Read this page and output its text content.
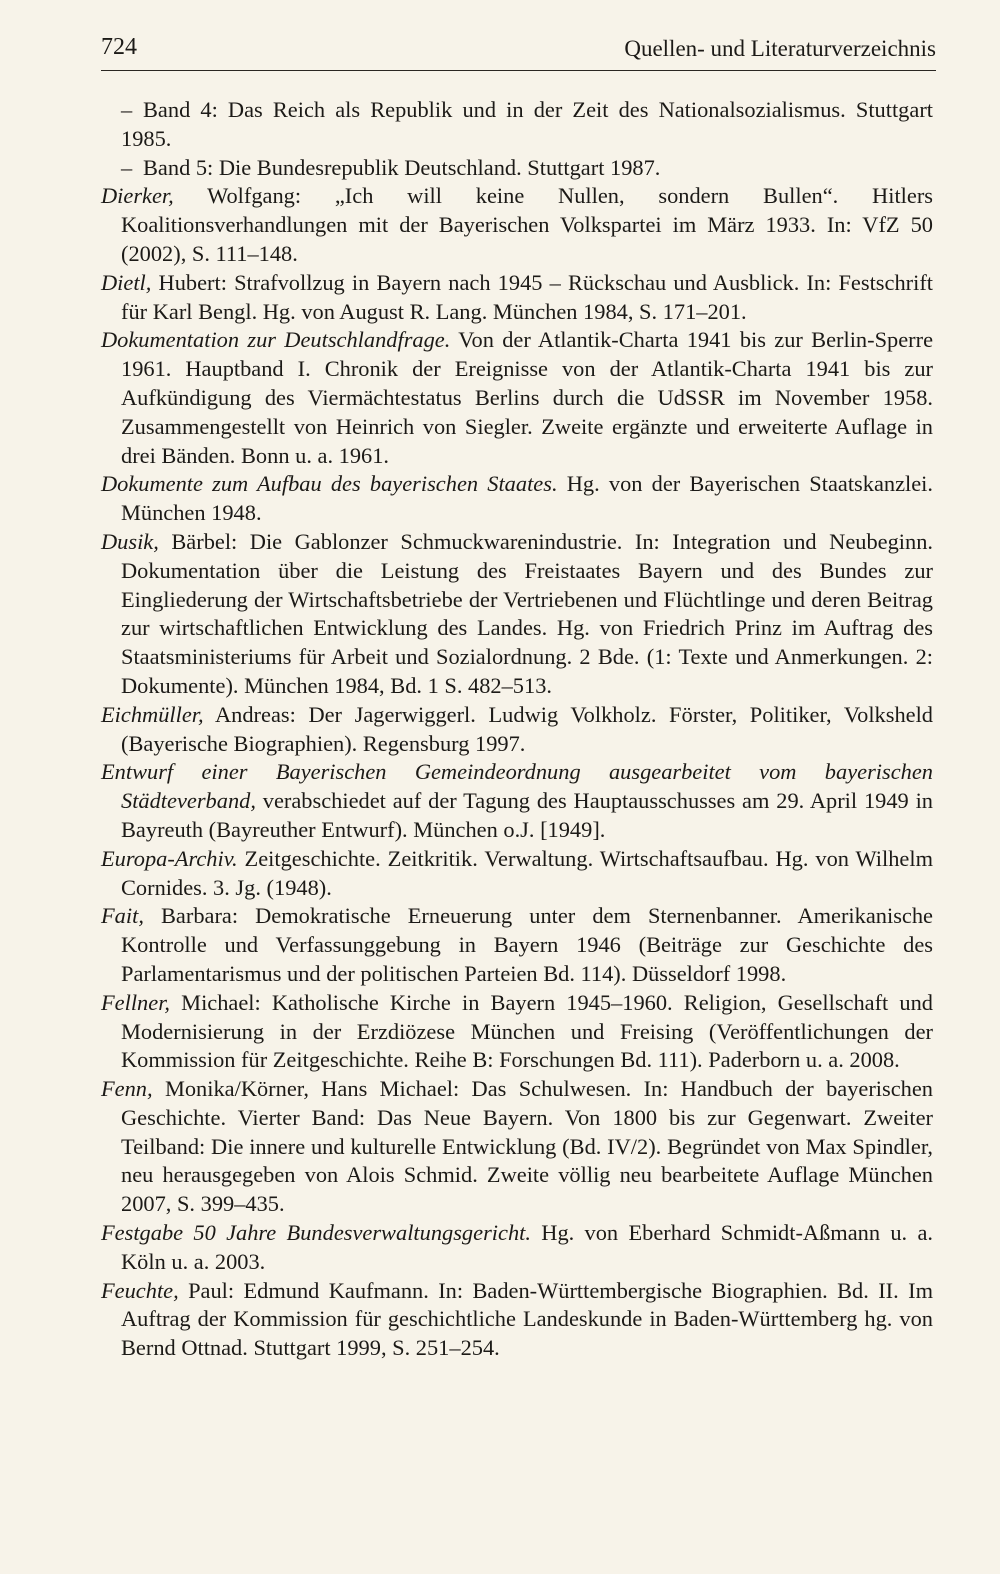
724	Quellen- und Literaturverzeichnis

– Band 4: Das Reich als Republik und in der Zeit des Nationalsozialismus. Stuttgart 1985.

– Band 5: Die Bundesrepublik Deutschland. Stuttgart 1987.

Dierker, Wolfgang: „Ich will keine Nullen, sondern Bullen“. Hitlers Koalitionsverhandlungen mit der Bayerischen Volkspartei im März 1933. In: VfZ 50 (2002), S. 111–148.

Dietl, Hubert: Strafvollzug in Bayern nach 1945 – Rückschau und Ausblick. In: Festschrift für Karl Bengl. Hg. von August R. Lang. München 1984, S. 171–201.

Dokumentation zur Deutschlandfrage. Von der Atlantik-Charta 1941 bis zur Berlin-Sperre 1961. Hauptband I. Chronik der Ereignisse von der Atlantik-Charta 1941 bis zur Aufkündigung des Viermächtestatus Berlins durch die UdSSR im November 1958. Zusammengestellt von Heinrich von Siegler. Zweite ergänzte und erweiterte Auflage in drei Bänden. Bonn u. a. 1961.

Dokumente zum Aufbau des bayerischen Staates. Hg. von der Bayerischen Staatskanzlei. München 1948.

Dusik, Bärbel: Die Gablonzer Schmuckwarenindustrie. In: Integration und Neubeginn. Dokumentation über die Leistung des Freistaates Bayern und des Bundes zur Eingliederung der Wirtschaftsbetriebe der Vertriebenen und Flüchtlinge und deren Beitrag zur wirtschaftlichen Entwicklung des Landes. Hg. von Friedrich Prinz im Auftrag des Staatsministeriums für Arbeit und Sozialordnung. 2 Bde. (1: Texte und Anmerkungen. 2: Dokumente). München 1984, Bd. 1 S. 482–513.

Eichmüller, Andreas: Der Jagerwiggerl. Ludwig Volkholz. Förster, Politiker, Volksheld (Bayerische Biographien). Regensburg 1997.

Entwurf einer Bayerischen Gemeindeordnung ausgearbeitet vom bayerischen Städteverband, verabschiedet auf der Tagung des Hauptausschusses am 29. April 1949 in Bayreuth (Bayreuther Entwurf). München o.J. [1949].

Europa-Archiv. Zeitgeschichte. Zeitkritik. Verwaltung. Wirtschaftsaufbau. Hg. von Wilhelm Cornides. 3. Jg. (1948).

Fait, Barbara: Demokratische Erneuerung unter dem Sternenbanner. Amerikanische Kontrolle und Verfassunggebung in Bayern 1946 (Beiträge zur Geschichte des Parlamentarismus und der politischen Parteien Bd. 114). Düsseldorf 1998.

Fellner, Michael: Katholische Kirche in Bayern 1945–1960. Religion, Gesellschaft und Modernisierung in der Erzdiözese München und Freising (Veröffentlichungen der Kommission für Zeitgeschichte. Reihe B: Forschungen Bd. 111). Paderborn u. a. 2008.

Fenn, Monika/Körner, Hans Michael: Das Schulwesen. In: Handbuch der bayerischen Geschichte. Vierter Band: Das Neue Bayern. Von 1800 bis zur Gegenwart. Zweiter Teilband: Die innere und kulturelle Entwicklung (Bd. IV/2). Begründet von Max Spindler, neu herausgegeben von Alois Schmid. Zweite völlig neu bearbeitete Auflage München 2007, S. 399–435.

Festgabe 50 Jahre Bundesverwaltungsgericht. Hg. von Eberhard Schmidt-Aßmann u. a. Köln u. a. 2003.

Feuchte, Paul: Edmund Kaufmann. In: Baden-Württembergische Biographien. Bd. II. Im Auftrag der Kommission für geschichtliche Landeskunde in Baden-Württemberg hg. von Bernd Ottnad. Stuttgart 1999, S. 251–254.
